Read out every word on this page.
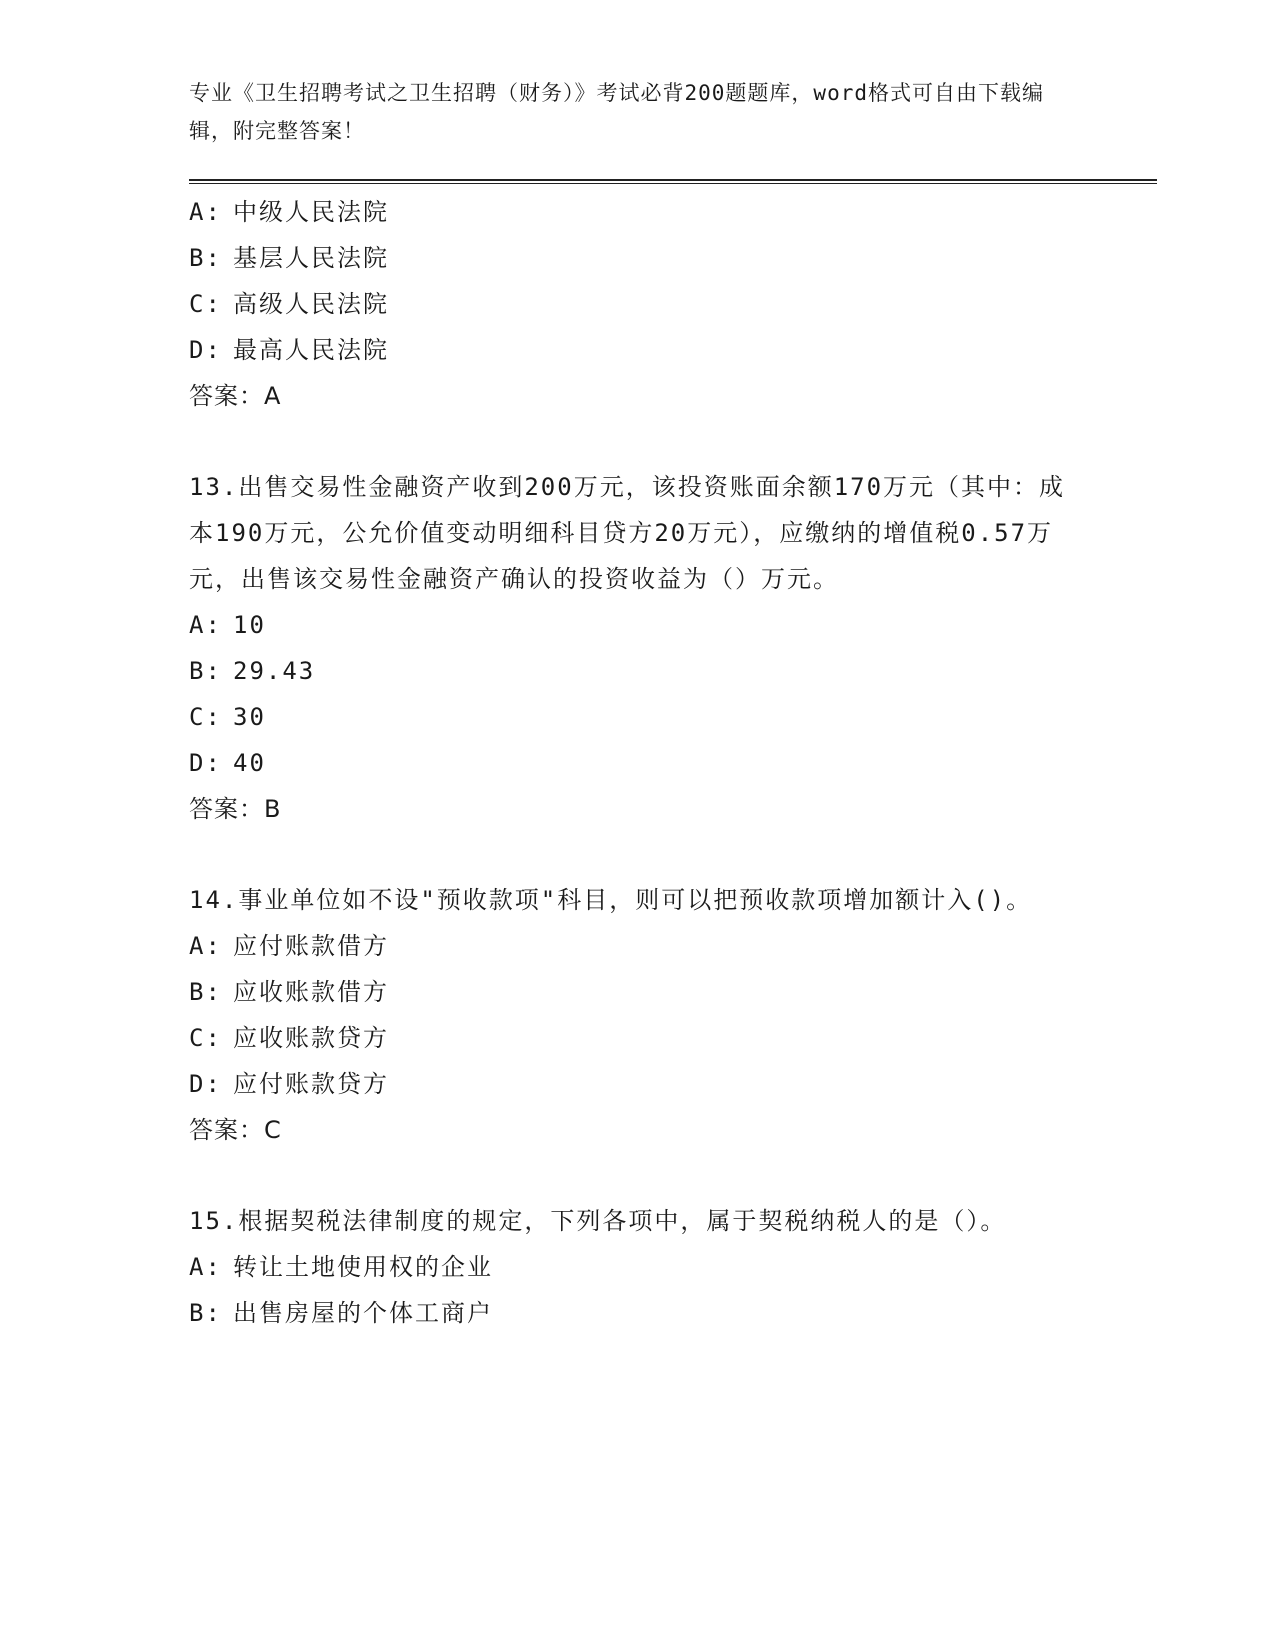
专业《卫生招聘考试之卫生招聘（财务）》考试必背200题题库，word格式可自由下载编辑，附完整答案！

A: 中级人民法院
B: 基层人民法院
C: 高级人民法院
D: 最高人民法院
答案：A

13.出售交易性金融资产收到200万元，该投资账面余额170万元（其中：成本190万元，公允价值变动明细科目贷方20万元），应缴纳的增值税0.57万元，出售该交易性金融资产确认的投资收益为（）万元。

A: 10
B: 29.43
C: 30
D: 40
答案：B

14.事业单位如不设"预收款项"科目，则可以把预收款项增加额计入()。

A: 应付账款借方
B: 应收账款借方
C: 应收账款贷方
D: 应付账款贷方
答案：C

15.根据契税法律制度的规定，下列各项中，属于契税纳税人的是（）。

A: 转让土地使用权的企业
B: 出售房屋的个体工商户
